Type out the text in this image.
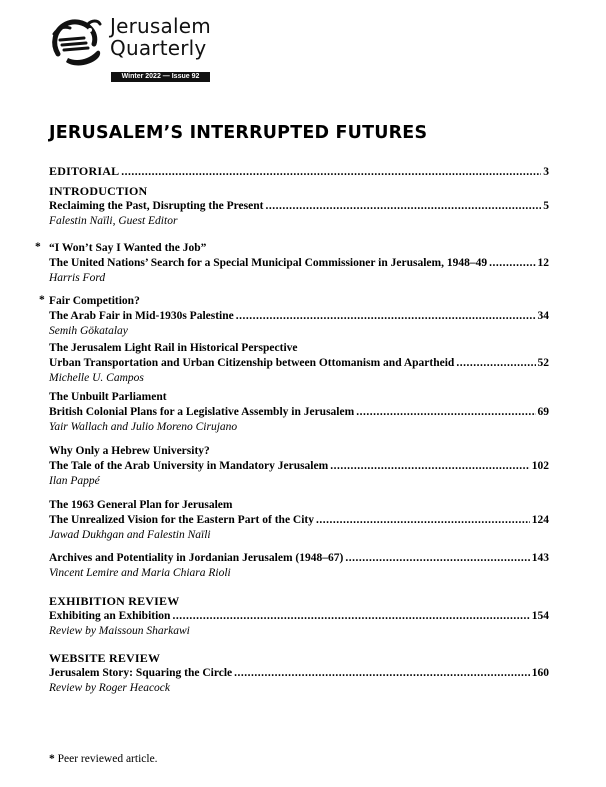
Jerusalem
Quarterly
Winter 2022 — Issue 92
JERUSALEM’S INTERRUPTED FUTURES
EDITORIAL .....	3
INTRODUCTION
Reclaiming the Past, Disrupting the Present .....	5
Falestin Naïli, Guest Editor
* “I Won’t Say I Wanted the Job”
The United Nations’ Search for a Special Municipal Commissioner in Jerusalem, 1948–49 .....	12
Harris Ford
* Fair Competition?
The Arab Fair in Mid-1930s Palestine .....	34
Semih Gökatalay
The Jerusalem Light Rail in Historical Perspective
Urban Transportation and Urban Citizenship between Ottomanism and Apartheid .....	52
Michelle U. Campos
The Unbuilt Parliament
British Colonial Plans for a Legislative Assembly in Jerusalem .....	69
Yair Wallach and Julio Moreno Cirujano
Why Only a Hebrew University?
The Tale of the Arab University in Mandatory Jerusalem .....	102
Ilan Pappé
The 1963 General Plan for Jerusalem
The Unrealized Vision for the Eastern Part of the City .....	124
Jawad Dukhgan and Falestin Naïli
Archives and Potentiality in Jordanian Jerusalem (1948–67) .....	143
Vincent Lemire and Maria Chiara Rioli
EXHIBITION REVIEW
Exhibiting an Exhibition .....	154
Review by Maissoun Sharkawi
WEBSITE REVIEW
Jerusalem Story: Squaring the Circle .....	160
Review by Roger Heacock
* Peer reviewed article.
